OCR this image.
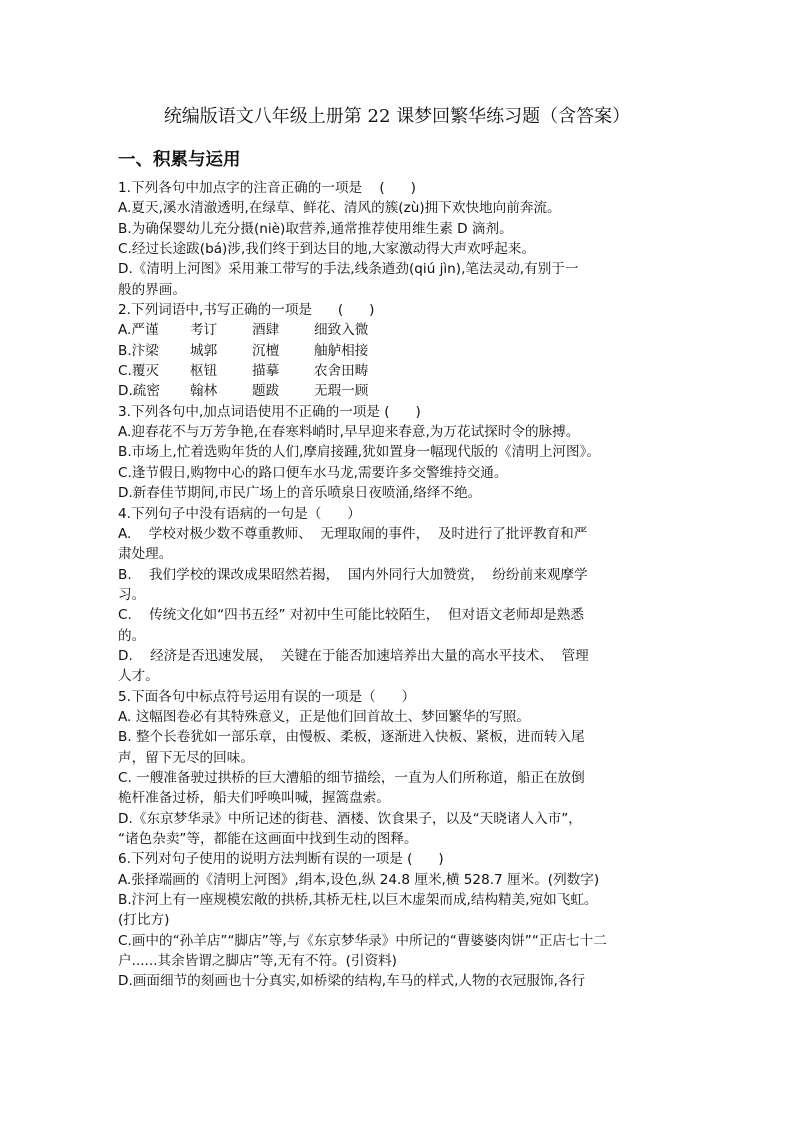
统编版语文八年级上册第 22 课梦回繁华练习题（含答案）
一、积累与运用
1.下列各句中加点字的注音正确的一项是    (      )
A.夏天,溪水清澈透明,在绿草、鲜花、清风的簇(zù)拥下欢快地向前奔流。
B.为确保婴幼儿充分摄(niè)取营养,通常推荐使用维生素 D 滴剂。
C.经过长途跋(bá)涉,我们终于到达目的地,大家激动得大声欢呼起来。
D.《清明上河图》采用兼工带写的手法,线条遒劲(qiú jìn),笔法灵动,有别于一
般的界画。
2.下列词语中,书写正确的一项是      (      )
A.严谨 考订	酒肆	细致入微
B.汴梁 城郭	沉檀	舳舻相接
C.覆灭 枢钮	描摹	农舍田畴
D.疏密 翰林	题跋	无瑕一顾
3.下列各句中,加点词语使用不正确的一项是 (      )
A.迎春花不与万芳争艳,在春寒料峭时,早早迎来春意,为万花试探时令的脉搏。
B.市场上,忙着选购年货的人们,摩肩接踵,犹如置身一幅现代版的《清明上河图》。
C.逢节假日,购物中心的路口便车水马龙,需要许多交警维持交通。
D.新春佳节期间,市民广场上的音乐喷泉日夜喷涌,络绎不绝。
4.下列句子中没有语病的一句是（      ）
A.    学校对极少数不尊重教师、  无理取闹的事件，  及时进行了批评教育和严
肃处理。
B.    我们学校的课改成果昭然若揭，  国内外同行大加赞赏，  纷纷前来观摩学
习。
C.    传统文化如“四书五经” 对初中生可能比较陌生，  但对语文老师却是熟悉
的。
D.    经济是否迅速发展，  关键在于能否加速培养出大量的高水平技术、  管理
人才。
5.下面各句中标点符号运用有误的一项是（      ）
A. 这幅图卷必有其特殊意义，正是他们回首故土、梦回繁华的写照。
B. 整个长卷犹如一部乐章，由慢板、柔板，逐渐进入快板、紧板，进而转入尾
声，留下无尽的回味。
C. 一艘准备驶过拱桥的巨大漕船的细节描绘，一直为人们所称道，船正在放倒
桅杆准备过桥，船夫们呼唤叫喊，握篙盘索。
D.《东京梦华录》中所记述的街巷、酒楼、饮食果子，以及“天晓诸人入市”，
“诸色杂卖”等，都能在这画面中找到生动的图释。
6.下列对句子使用的说明方法判断有误的一项是 (      )
A.张择端画的《清明上河图》,绢本,设色,纵 24.8 厘米,横 528.7 厘米。(列数字)
B.汴河上有一座规模宏敞的拱桥,其桥无柱,以巨木虚架而成,结构精美,宛如飞虹。
(打比方)
C.画中的“孙羊店”“脚店”等,与《东京梦华录》中所记的“曹婆婆肉饼”“正店七十二
户......其余皆谓之脚店”等,无有不符。(引资料)
D.画面细节的刻画也十分真实,如桥梁的结构,车马的样式,人物的衣冠服饰,各行
